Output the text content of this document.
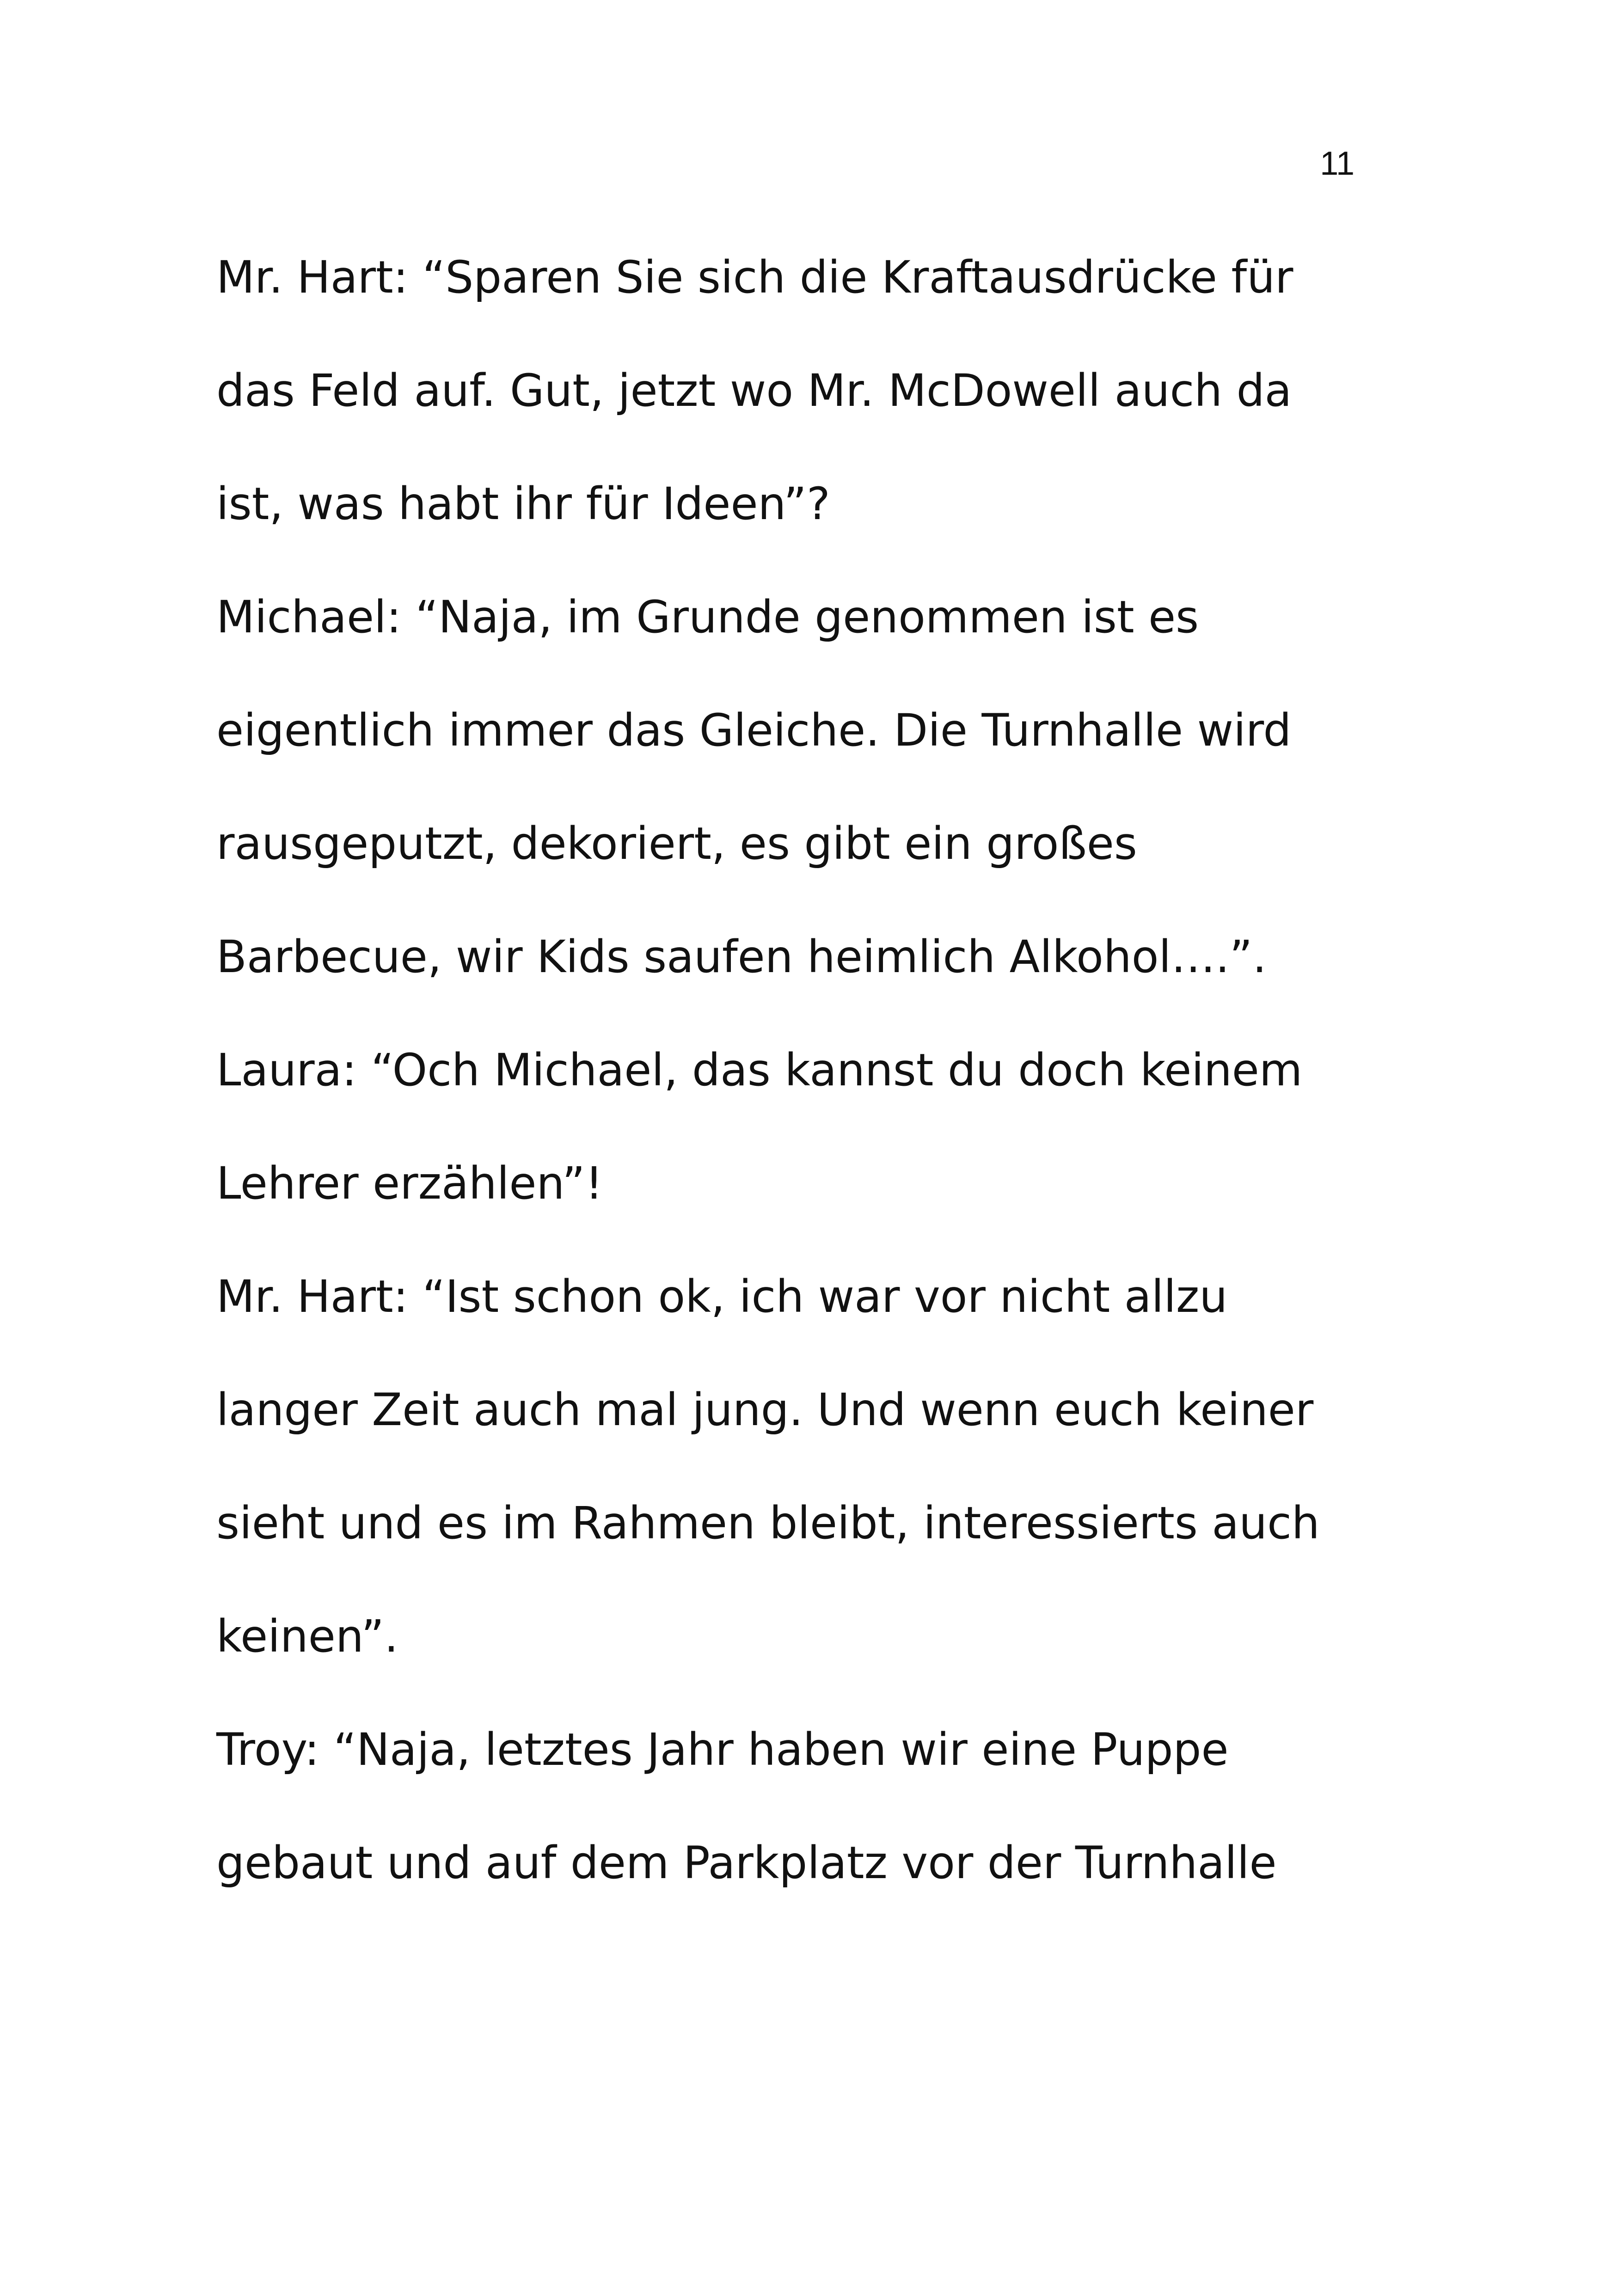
11
Mr. Hart: “Sparen Sie sich die Kraftausdrücke für
das Feld auf. Gut, jetzt wo Mr. McDowell auch da
ist, was habt ihr für Ideen”?
Michael: “Naja, im Grunde genommen ist es
eigentlich immer das Gleiche. Die Turnhalle wird
rausgeputzt, dekoriert, es gibt ein großes
Barbecue, wir Kids saufen heimlich Alkohol….”.
Laura: “Och Michael, das kannst du doch keinem
Lehrer erzählen”!
Mr. Hart: “Ist schon ok, ich war vor nicht allzu
langer Zeit auch mal jung. Und wenn euch keiner
sieht und es im Rahmen bleibt, interessierts auch
keinen”.
Troy: “Naja, letztes Jahr haben wir eine Puppe
gebaut und auf dem Parkplatz vor der Turnhalle
